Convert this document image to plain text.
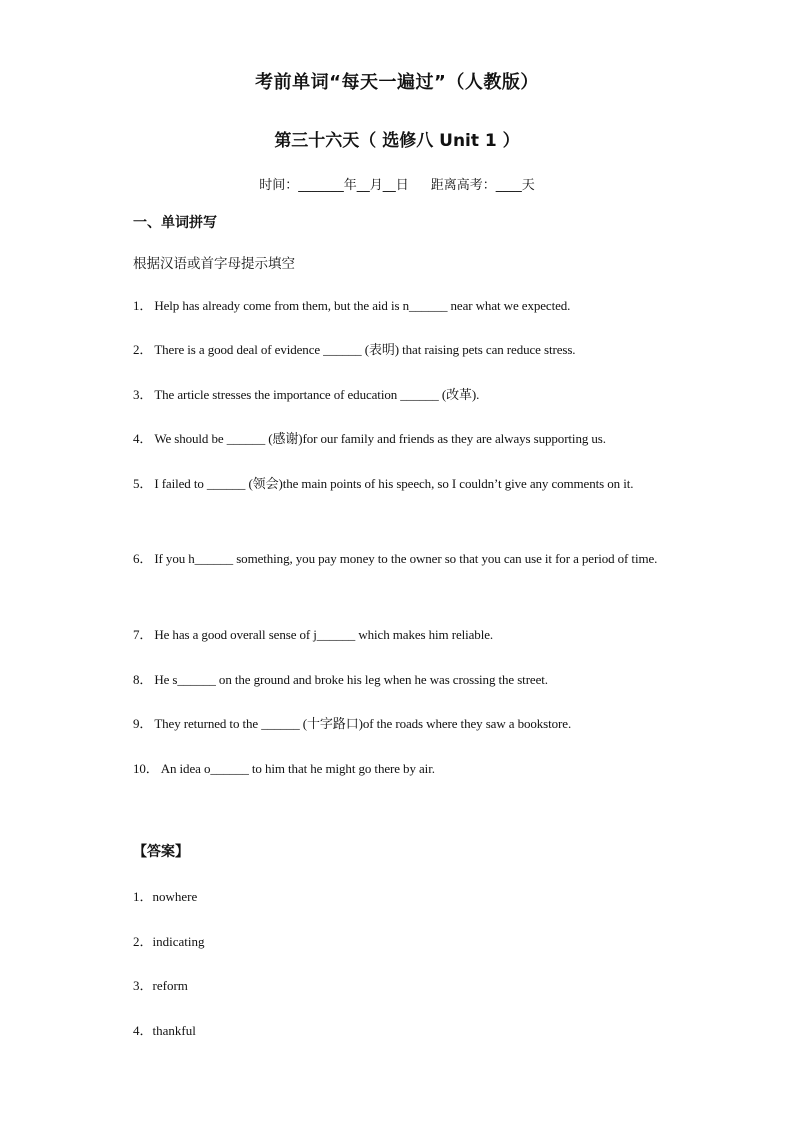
考前单词“每天一遍过”（人教版）
第三十六天（ 选修八 Unit 1 ）
时间：_______年__月__日 距离高考：____天
一、单词拼写
根据汉语或首字母提示填空
1． Help has already come from them, but the aid is n______ near what we expected.
2． There is a good deal of evidence ______ (表明) that raising pets can reduce stress.
3． The article stresses the importance of education ______ (改革).
4． We should be ______ (感谢)for our family and friends as they are always supporting us.
5． I failed to ______ (领会)the main points of his speech, so I couldn’t give any comments on it.
6． If you h______ something, you pay money to the owner so that you can use it for a period of time.
7． He has a good overall sense of j______ which makes him reliable.
8． He s______ on the ground and broke his leg when he was crossing the street.
9． They returned to the ______ (十字路口)of the roads where they saw a bookstore.
10． An idea o______ to him that he might go there by air.
【答案】
1．nowhere
2．indicating
3．reform
4．thankful
